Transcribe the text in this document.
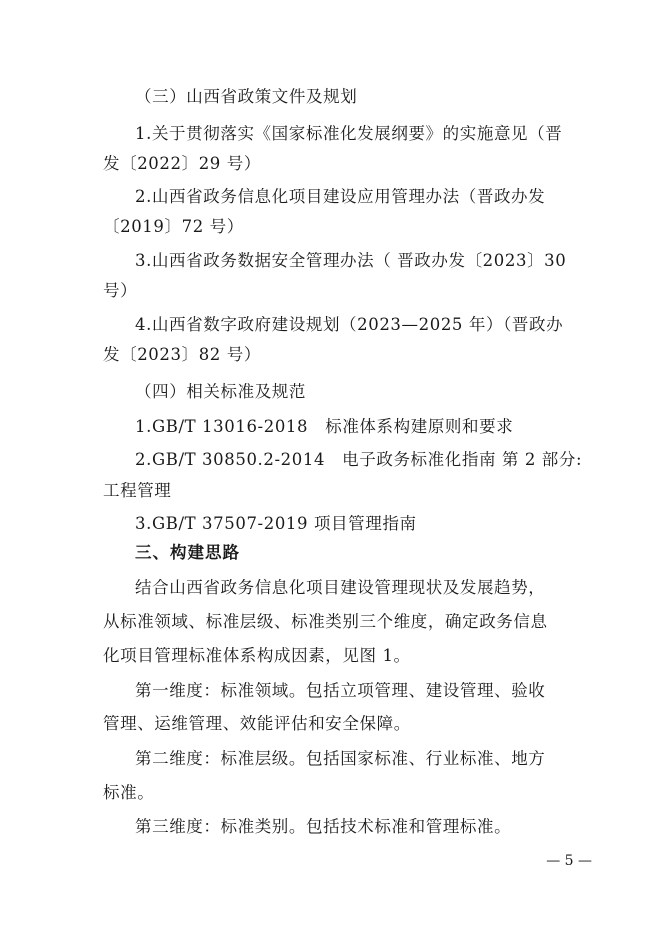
（三）山西省政策文件及规划
1.关于贯彻落实《国家标准化发展纲要》的实施意见（晋
发〔2022〕29 号）
2.山西省政务信息化项目建设应用管理办法（晋政办发
〔2019〕72 号）
3.山西省政务数据安全管理办法（ 晋政办发〔2023〕30
号）
4.山西省数字政府建设规划（2023—2025 年）（晋政办
发〔2023〕82 号）
（四）相关标准及规范
1.GB/T 13016-2018　标准体系构建原则和要求
2.GB/T 30850.2-2014　电子政务标准化指南 第 2 部分:
工程管理
3.GB/T 37507-2019 项目管理指南
三、构建思路
结合山西省政务信息化项目建设管理现状及发展趋势，
从标准领域、标准层级、标准类别三个维度，确定政务信息
化项目管理标准体系构成因素，见图 1。
第一维度：标准领域。包括立项管理、建设管理、验收
管理、运维管理、效能评估和安全保障。
第二维度：标准层级。包括国家标准、行业标准、地方
标准。
第三维度：标准类别。包括技术标准和管理标准。
— 5 —
